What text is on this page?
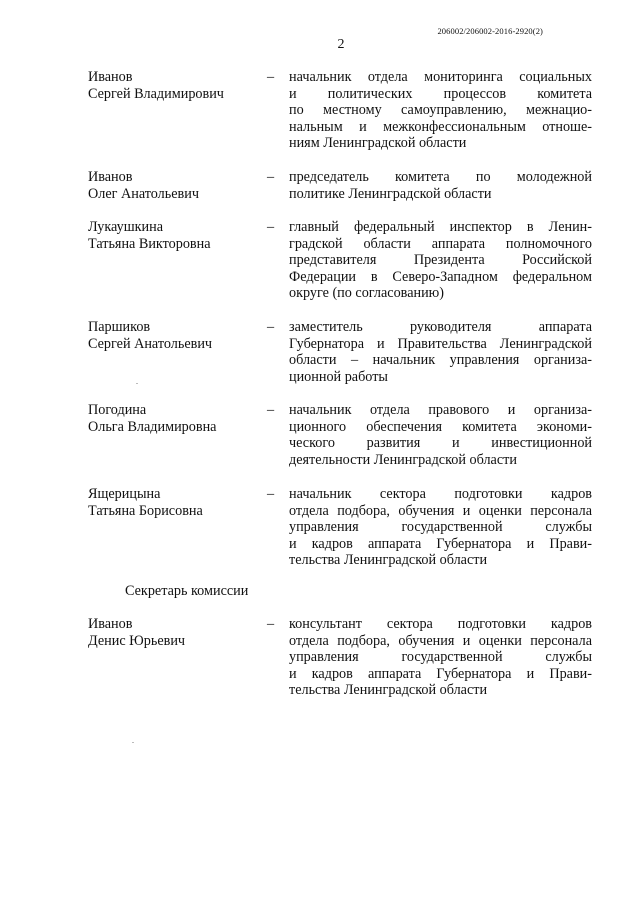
206002/206002-2016-2920(2)
2
Иванов
Сергей Владимирович
– начальник отдела мониторинга социальных
и политических процессов комитета
по местному самоуправлению, межнацио-
нальным и межконфессиональным отноше-
ниям Ленинградской области
Иванов
Олег Анатольевич
– председатель комитета по молодежной
политике Ленинградской области
Лукаушкина
Татьяна Викторовна
– главный федеральный инспектор в Ленин-
градской области аппарата полномочного
представителя Президента Российской
Федерации в Северо-Западном федеральном
округе (по согласованию)
Паршиков
Сергей Анатольевич
– заместитель руководителя аппарата
Губернатора и Правительства Ленинградской
области – начальник управления организа-
ционной работы
Погодина
Ольга Владимировна
– начальник отдела правового и организа-
ционного обеспечения комитета экономи-
ческого развития и инвестиционной
деятельности Ленинградской области
Ящерицына
Татьяна Борисовна
– начальник сектора подготовки кадров
отдела подбора, обучения и оценки персонала
управления государственной службы
и кадров аппарата Губернатора и Прави-
тельства Ленинградской области
Секретарь комиссии
Иванов
Денис Юрьевич
– консультант сектора подготовки кадров
отдела подбора, обучения и оценки персонала
управления государственной службы
и кадров аппарата Губернатора и Прави-
тельства Ленинградской области
